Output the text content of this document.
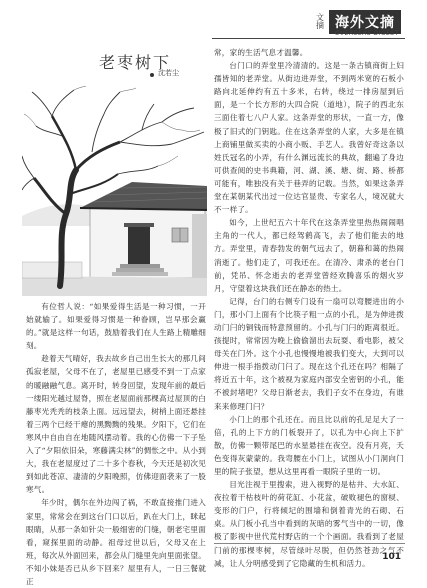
文摘 海外文摘
OVERSEAS DIGEST
老枣树下
沈若尘

有位哲人说：“如果爱得生活是一种习惯，一开始就输了。如果爱得习惯是一种眷顾，岂早那会赢的。”就是这样一句话，鼓励着我们在人生路上精雕细刻。

趁着天气晴好，我去故乡自己出生长大的那几间孤寂老屋，父母不在了，老屋里已感受不到一丁点家的暖融融气息。离开时，转身回望，发现年前的最后一缕阳光越过屋脊，照在老屋面前那棵高过屋顶的白藤枣光秃秃的枝条上面。远远望去，树梢上面还悬挂着三两个已经干瘪的黑黝黝的残果。夕阳下，它们在寒风中自由自在地随风摆动着。我的心仿佛一下子坠入了“夕阳依旧朵，寒藤满尖林”的惆怅之中。从小到大，我在老屋度过了二十多个春秋，今天还是初次见到如此苍凉、凄清的夕阳晚照，仿佛迎面袭来了一股寒气。

年少时，偶尔在外边闯了祸，不敢直接推门进入家里，常常会在到这台门口以后，趴在大门上，眯起眼睛，从那一条如针尖一般细密的门缝，朝老宅里面看，窥探里面的动静。祖母过世以后，父母又在上班，每次从外面回来，都会从门缝里先向里面张望。不知小妹是否已从乡下回来？屋里有人，一日三餐就正

常，家的生活气息才温馨。

台门口的弄堂里冷清清的。这是一条古镇商街上妇孺皆知的老弄堂。从街边进弄堂，不到两米宽的石板小路向北延伸约有五十多米，右转，绕过一排房屋到后面，是一个长方形的大四合院（道地），院子的西北东三面住着七八户人家。这条弄堂的形状，一直一方，像极了旧式的门钥匙。住在这条弄堂的人家，大多是在镇上商铺里做买卖的小商小贩、手艺人。我曾好奇这条以姓氏冠名的小弄，有什么渊远流长的典故，翻遍了身边可供查阅的史书典籍，河、湖、溪、塘、街、路、桥都可能有，唯独没有关于巷弄的记载。当然，如果这条弄堂在某朝某代出过一位达官显贵、专家名人，境况就大不一样了。

如今，上世纪五六十年代在这条弄堂里热热闹闹唱主角的一代人，都已经驾鹤高飞，去了他们能去的地方。弄堂里，青春勃发的朝气远去了，朝暮和蔼的热闹消逝了。他们走了，可我还在。在清冷、肃杀的老台门前，凭吊、怀念逝去的老弄堂曾经欢腾喜乐的烟火岁月，守望着这块我们还在静态的热土。

记得，台门的右侧专门设有一扇可以弯腰进出的小门，那小门上面有个比筷子粗一点的小孔，是为伸进拨动门闩的铜钱而特意预留的。小孔与门闩的距离很近。孩提时，常常因为晚上偷偷溜出去玩耍、看电影，被父母关在门外。这个小孔也慢慢地被我们变大，大到可以伸进一根手指拨动门闩了。现在这个孔还在吗？相隔了将近五十年，这个被视为家庭内部安全密钥的小孔，能不被封堵吧？父母日渐老去，我们子女不在身边，有谁来来修理门闩？

小门上的那个孔还在。而且比以前的孔足足大了一倍，孔的上下方的门板裂开了，以孔为中心向上下扩散，仿佛一颗带尾巴的水星悬挂在夜空。没有月亮，夭色变得灰蒙蒙的。我弯腰在小门上，试图从小门洞向门里的院子张望，想从这里再看一眼院子里的一切。

目光注视于里搜索，进入视野的是枯井、大水缸、夜拉着干枯枝叶的荷花缸、小花盆，破败褪色的窗棂、变形的门户，行将倾圮的围墙和倒着青光的石砌、石桌。从门板小孔当中看到的灰暗的雾气当中的一切，像极了影视中世代荒村野店的一个个画面。我看到了老屋门前的那棵枣树，尽管绿叶尽脱，但仍然苍劲之气不减，让人分明感受到了它隐藏的生机和活力。

101
